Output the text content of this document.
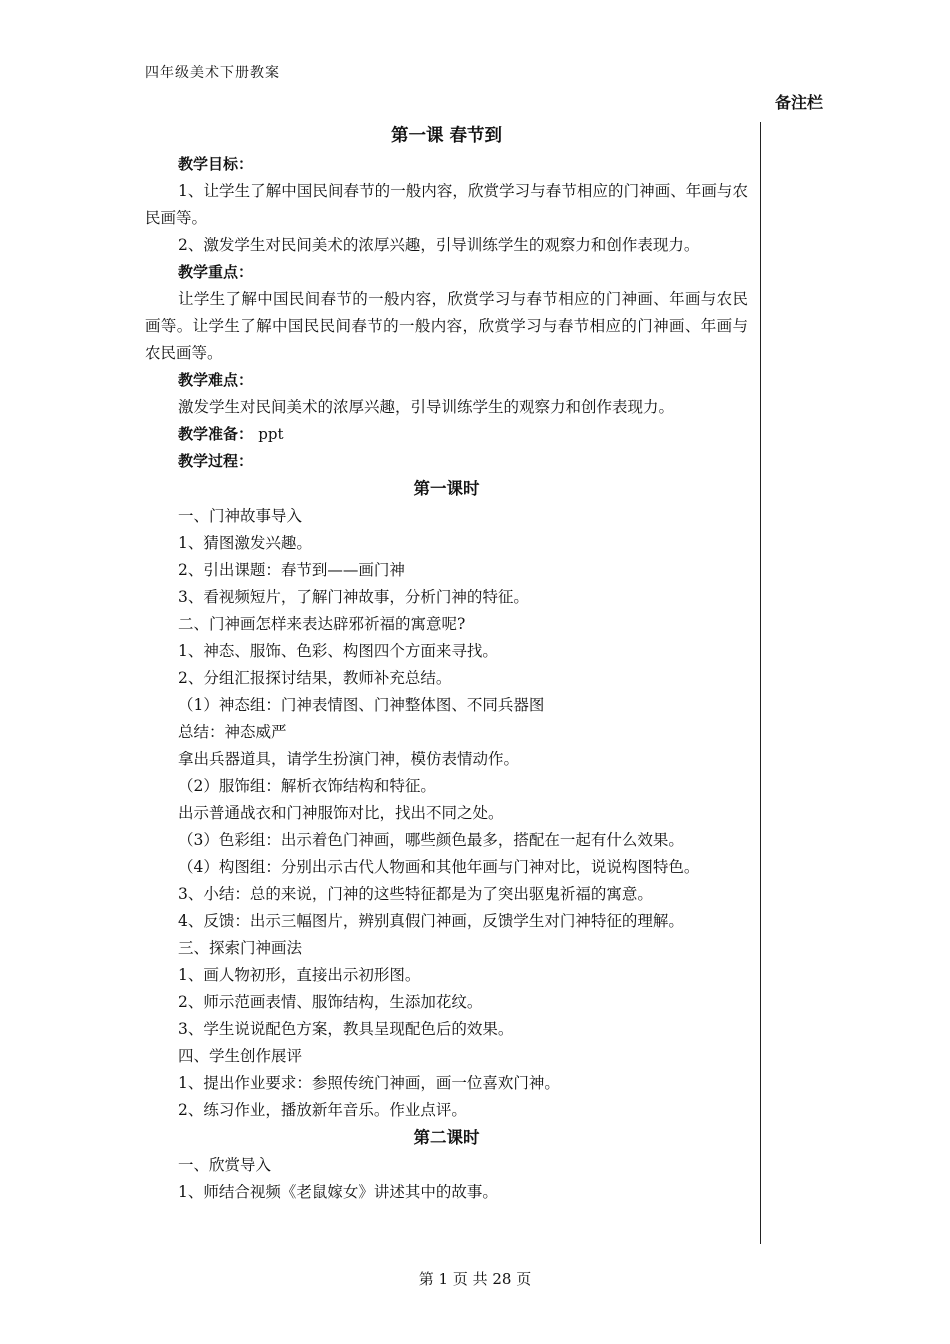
四年级美术下册教案
备注栏
第一课 春节到
教学目标：
1、让学生了解中国民间春节的一般内容，欣赏学习与春节相应的门神画、年画与农民画等。
2、激发学生对民间美术的浓厚兴趣，引导训练学生的观察力和创作表现力。
教学重点：
让学生了解中国民间春节的一般内容，欣赏学习与春节相应的门神画、年画与农民画等。让学生了解中国民民间春节的一般内容，欣赏学习与春节相应的门神画、年画与农民画等。
教学难点：
激发学生对民间美术的浓厚兴趣，引导训练学生的观察力和创作表现力。
教学准备： ppt
教学过程：
第一课时
一、门神故事导入
1、猜图激发兴趣。
2、引出课题：春节到——画门神
3、看视频短片，了解门神故事，分析门神的特征。
二、门神画怎样来表达辟邪祈福的寓意呢?
1、神态、服饰、色彩、构图四个方面来寻找。
2、分组汇报探讨结果，教师补充总结。
（1）神态组：门神表情图、门神整体图、不同兵器图
总结：神态威严
拿出兵器道具，请学生扮演门神，模仿表情动作。
（2）服饰组：解析衣饰结构和特征。
出示普通战衣和门神服饰对比，找出不同之处。
（3）色彩组：出示着色门神画，哪些颜色最多，搭配在一起有什么效果。
（4）构图组：分别出示古代人物画和其他年画与门神对比，说说构图特色。
3、小结：总的来说，门神的这些特征都是为了突出驱鬼祈福的寓意。
4、反馈：出示三幅图片，辨别真假门神画，反馈学生对门神特征的理解。
三、探索门神画法
1、画人物初形，直接出示初形图。
2、师示范画表情、服饰结构，生添加花纹。
3、学生说说配色方案，教具呈现配色后的效果。
四、学生创作展评
1、提出作业要求：参照传统门神画，画一位喜欢门神。
2、练习作业，播放新年音乐。作业点评。
第二课时
一、欣赏导入
1、师结合视频《老鼠嫁女》讲述其中的故事。
第 1 页 共 28 页
